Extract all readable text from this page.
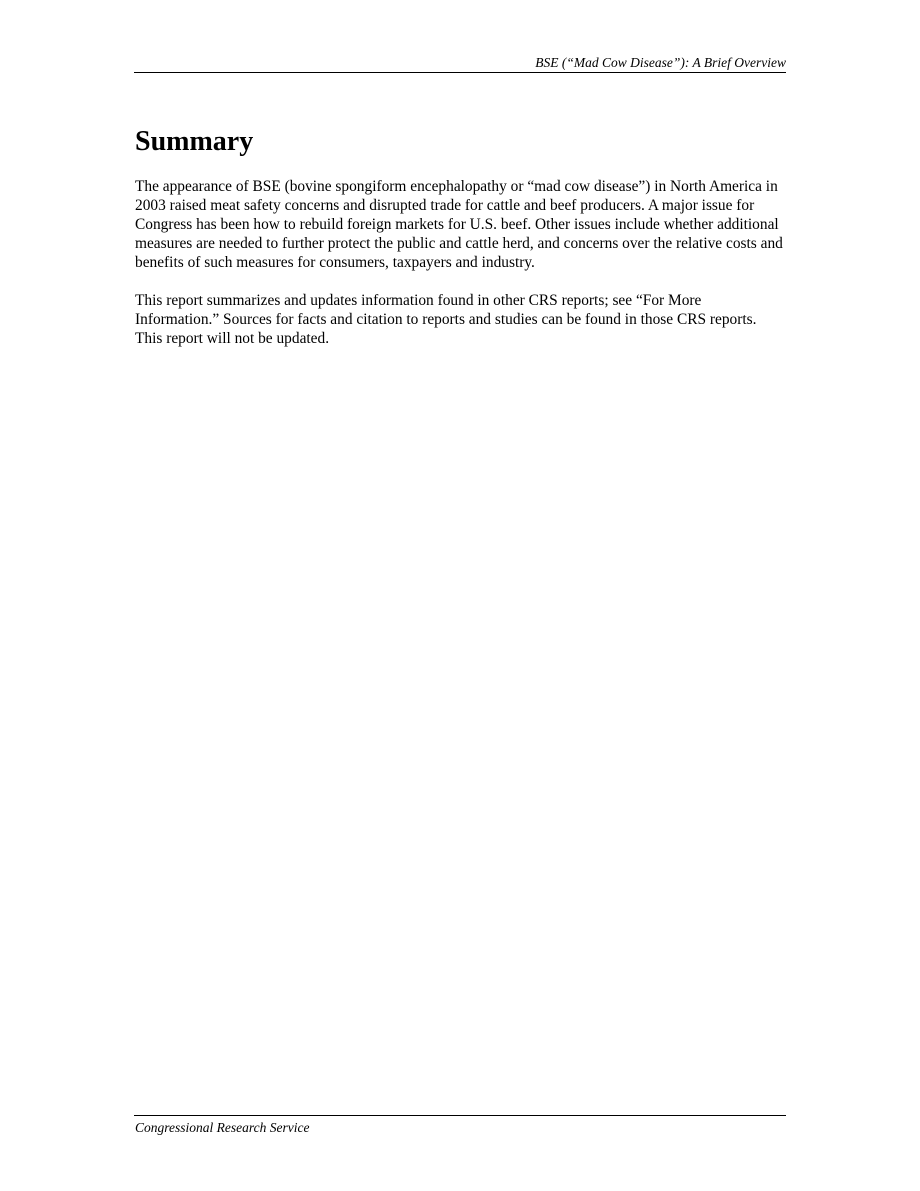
BSE (“Mad Cow Disease”): A Brief Overview
Summary

The appearance of BSE (bovine spongiform encephalopathy or “mad cow disease”) in North America in 2003 raised meat safety concerns and disrupted trade for cattle and beef producers. A major issue for Congress has been how to rebuild foreign markets for U.S. beef. Other issues include whether additional measures are needed to further protect the public and cattle herd, and concerns over the relative costs and benefits of such measures for consumers, taxpayers and industry.

This report summarizes and updates information found in other CRS reports; see “For More Information.” Sources for facts and citation to reports and studies can be found in those CRS reports. This report will not be updated.

Congressional Research Service
